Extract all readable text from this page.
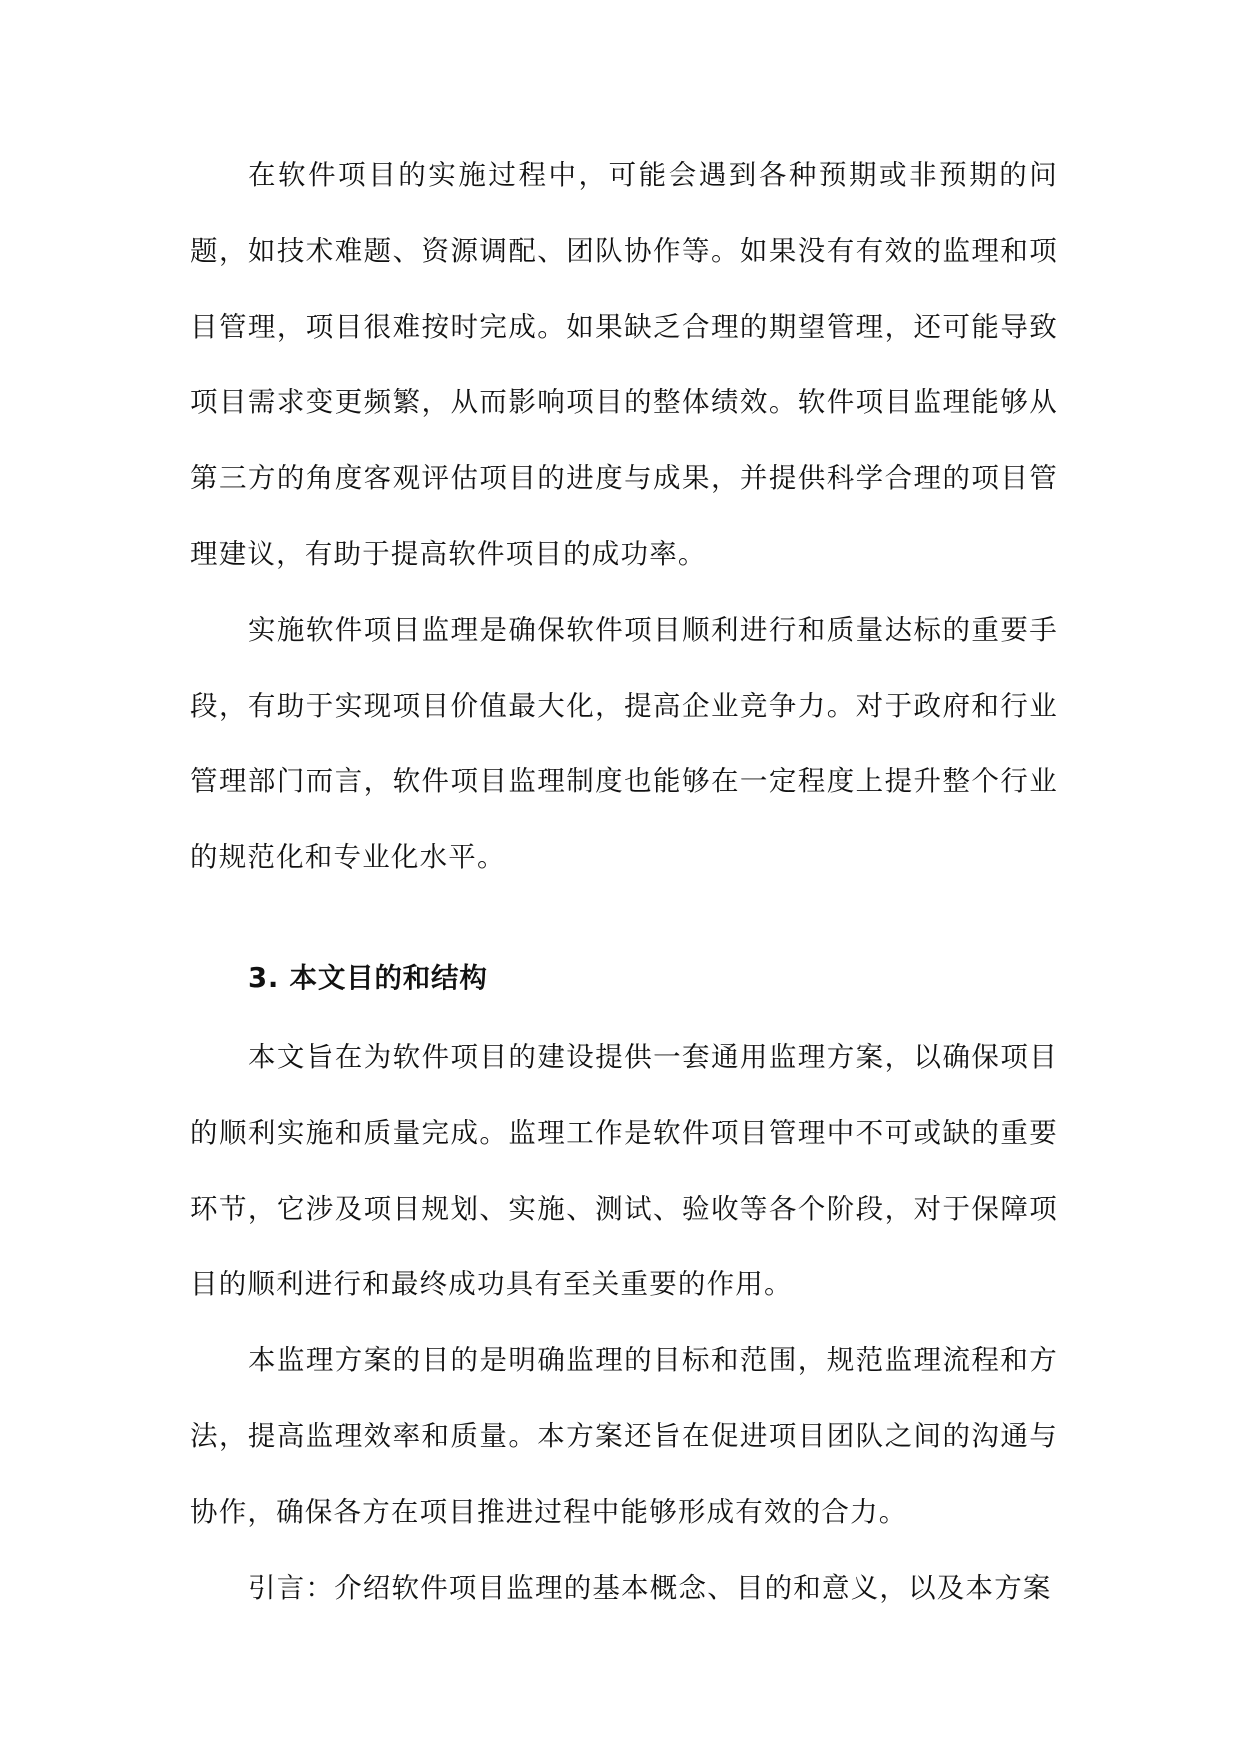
在软件项目的实施过程中，可能会遇到各种预期或非预期的问题，如技术难题、资源调配、团队协作等。如果没有有效的监理和项目管理，项目很难按时完成。如果缺乏合理的期望管理，还可能导致项目需求变更频繁，从而影响项目的整体绩效。软件项目监理能够从第三方的角度客观评估项目的进度与成果，并提供科学合理的项目管理建议，有助于提高软件项目的成功率。

实施软件项目监理是确保软件项目顺利进行和质量达标的重要手段，有助于实现项目价值最大化，提高企业竞争力。对于政府和行业管理部门而言，软件项目监理制度也能够在一定程度上提升整个行业的规范化和专业化水平。

3. 本文目的和结构

本文旨在为软件项目的建设提供一套通用监理方案，以确保项目的顺利实施和质量完成。监理工作是软件项目管理中不可或缺的重要环节，它涉及项目规划、实施、测试、验收等各个阶段，对于保障项目的顺利进行和最终成功具有至关重要的作用。

本监理方案的目的是明确监理的目标和范围，规范监理流程和方法，提高监理效率和质量。本方案还旨在促进项目团队之间的沟通与协作，确保各方在项目推进过程中能够形成有效的合力。

引言：介绍软件项目监理的基本概念、目的和意义，以及本方案
